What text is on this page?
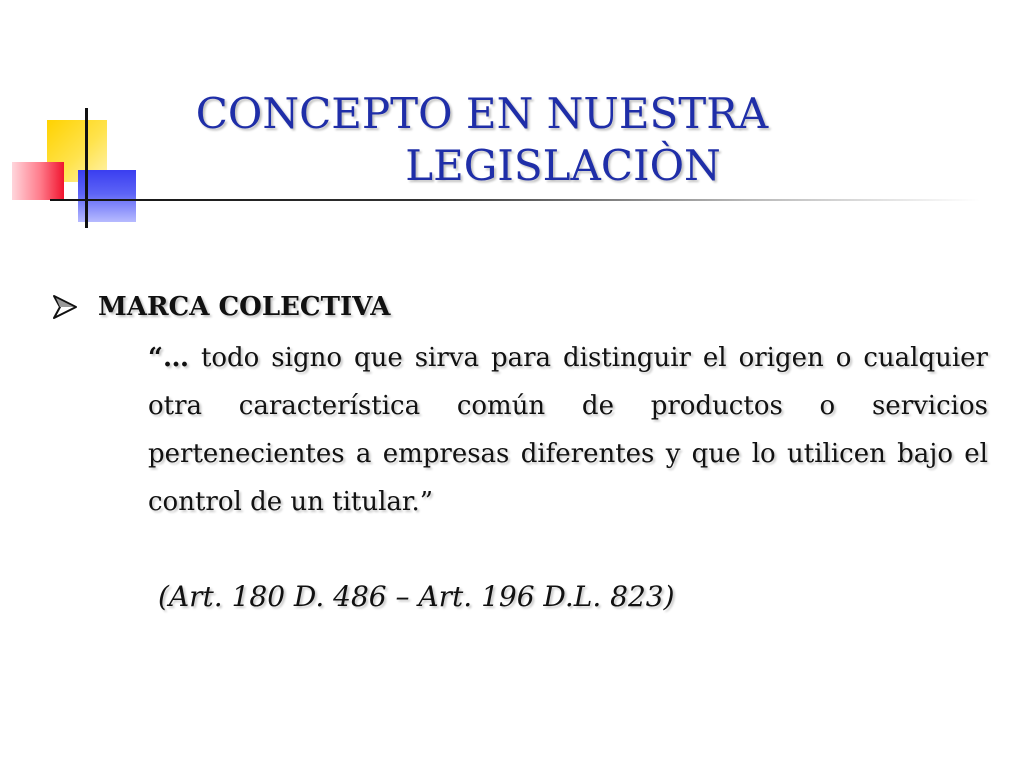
CONCEPTO EN NUESTRA
LEGISLACIÒN
MARCA COLECTIVA
“… todo signo que sirva para distinguir el origen o cualquier otra característica común de productos o servicios pertenecientes a empresas diferentes y que lo utilicen bajo el control de un titular.”
(Art. 180 D. 486 – Art. 196 D.L. 823)
